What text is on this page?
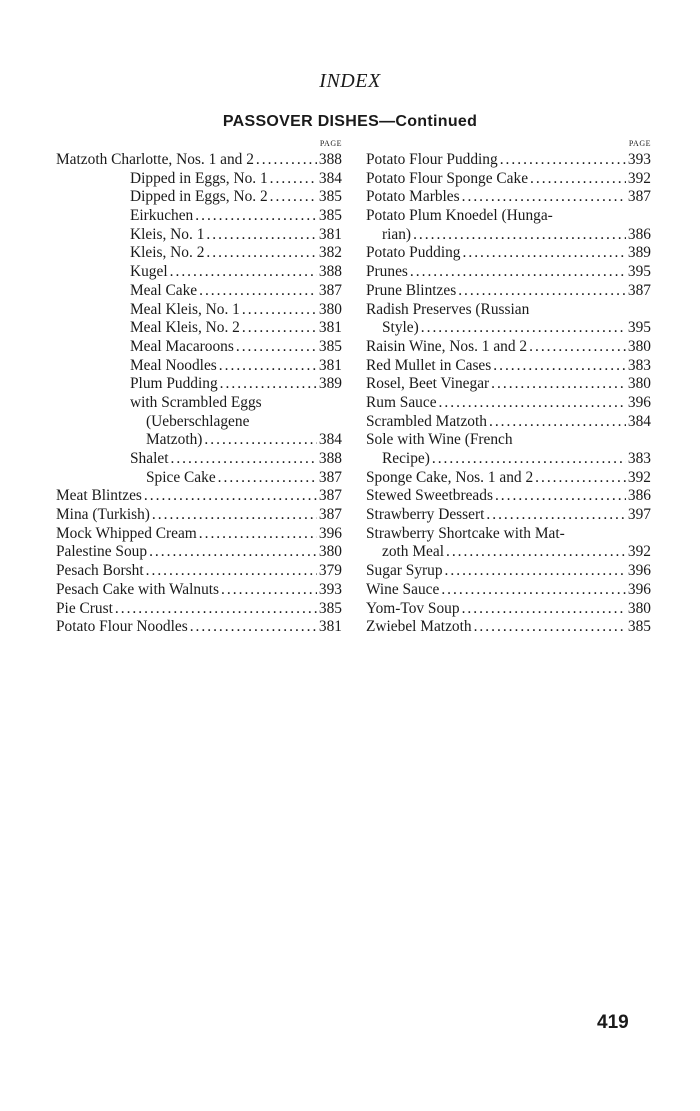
INDEX
PASSOVER DISHES—Continued
PAGE
Matzoth Charlotte, Nos. 1 and 2 .....	388
Dipped in Eggs, No. 1 .....	384
Dipped in Eggs, No. 2 .....	385
Eirkuchen .....	385
Kleis, No. 1 .....	381
Kleis, No. 2 .....	382
Kugel .....	388
Meal Cake .....	387
Meal Kleis, No. 1 .....	380
Meal Kleis, No. 2 .....	381
Meal Macaroons .....	385
Meal Noodles .....	381
Plum Pudding .....	389
with Scrambled Eggs
(Ueberschlagene
Matzoth) .....	384
Shalet .....	388
Spice Cake .....	387
Meat Blintzes .....	387
Mina (Turkish) .....	387
Mock Whipped Cream .....	396
Palestine Soup .....	380
Pesach Borsht .....	379
Pesach Cake with Walnuts .....	393
Pie Crust .....	385
Potato Flour Noodles .....	381
PAGE
Potato Flour Pudding .....	393
Potato Flour Sponge Cake .....	392
Potato Marbles .....	387
Potato Plum Knoedel (Hunga-
rian) .....	386
Potato Pudding .....	389
Prunes .....	395
Prune Blintzes .....	387
Radish Preserves (Russian
Style) .....	395
Raisin Wine, Nos. 1 and 2 .....	380
Red Mullet in Cases .....	383
Rosel, Beet Vinegar .....	380
Rum Sauce .....	396
Scrambled Matzoth .....	384
Sole with Wine (French
Recipe) .....	383
Sponge Cake, Nos. 1 and 2 .....	392
Stewed Sweetbreads .....	386
Strawberry Dessert .....	397
Strawberry Shortcake with Mat-
zoth Meal .....	392
Sugar Syrup .....	396
Wine Sauce .....	396
Yom-Tov Soup .....	380
Zwiebel Matzoth .....	385
419
